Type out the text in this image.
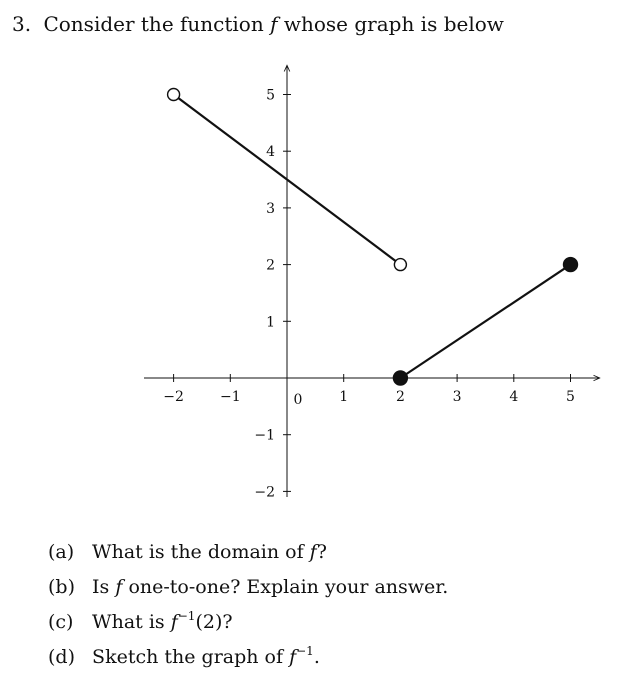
3. Consider the function f whose graph is below
−2	−1	1	2	3	4	5
−2
−1
1
2
3
4
5
0
(a) What is the domain of f?
(b) Is f one-to-one? Explain your answer.
(c) What is $f^{-1}(2)$?
(d) Sketch the graph of $f^{-1}$.
